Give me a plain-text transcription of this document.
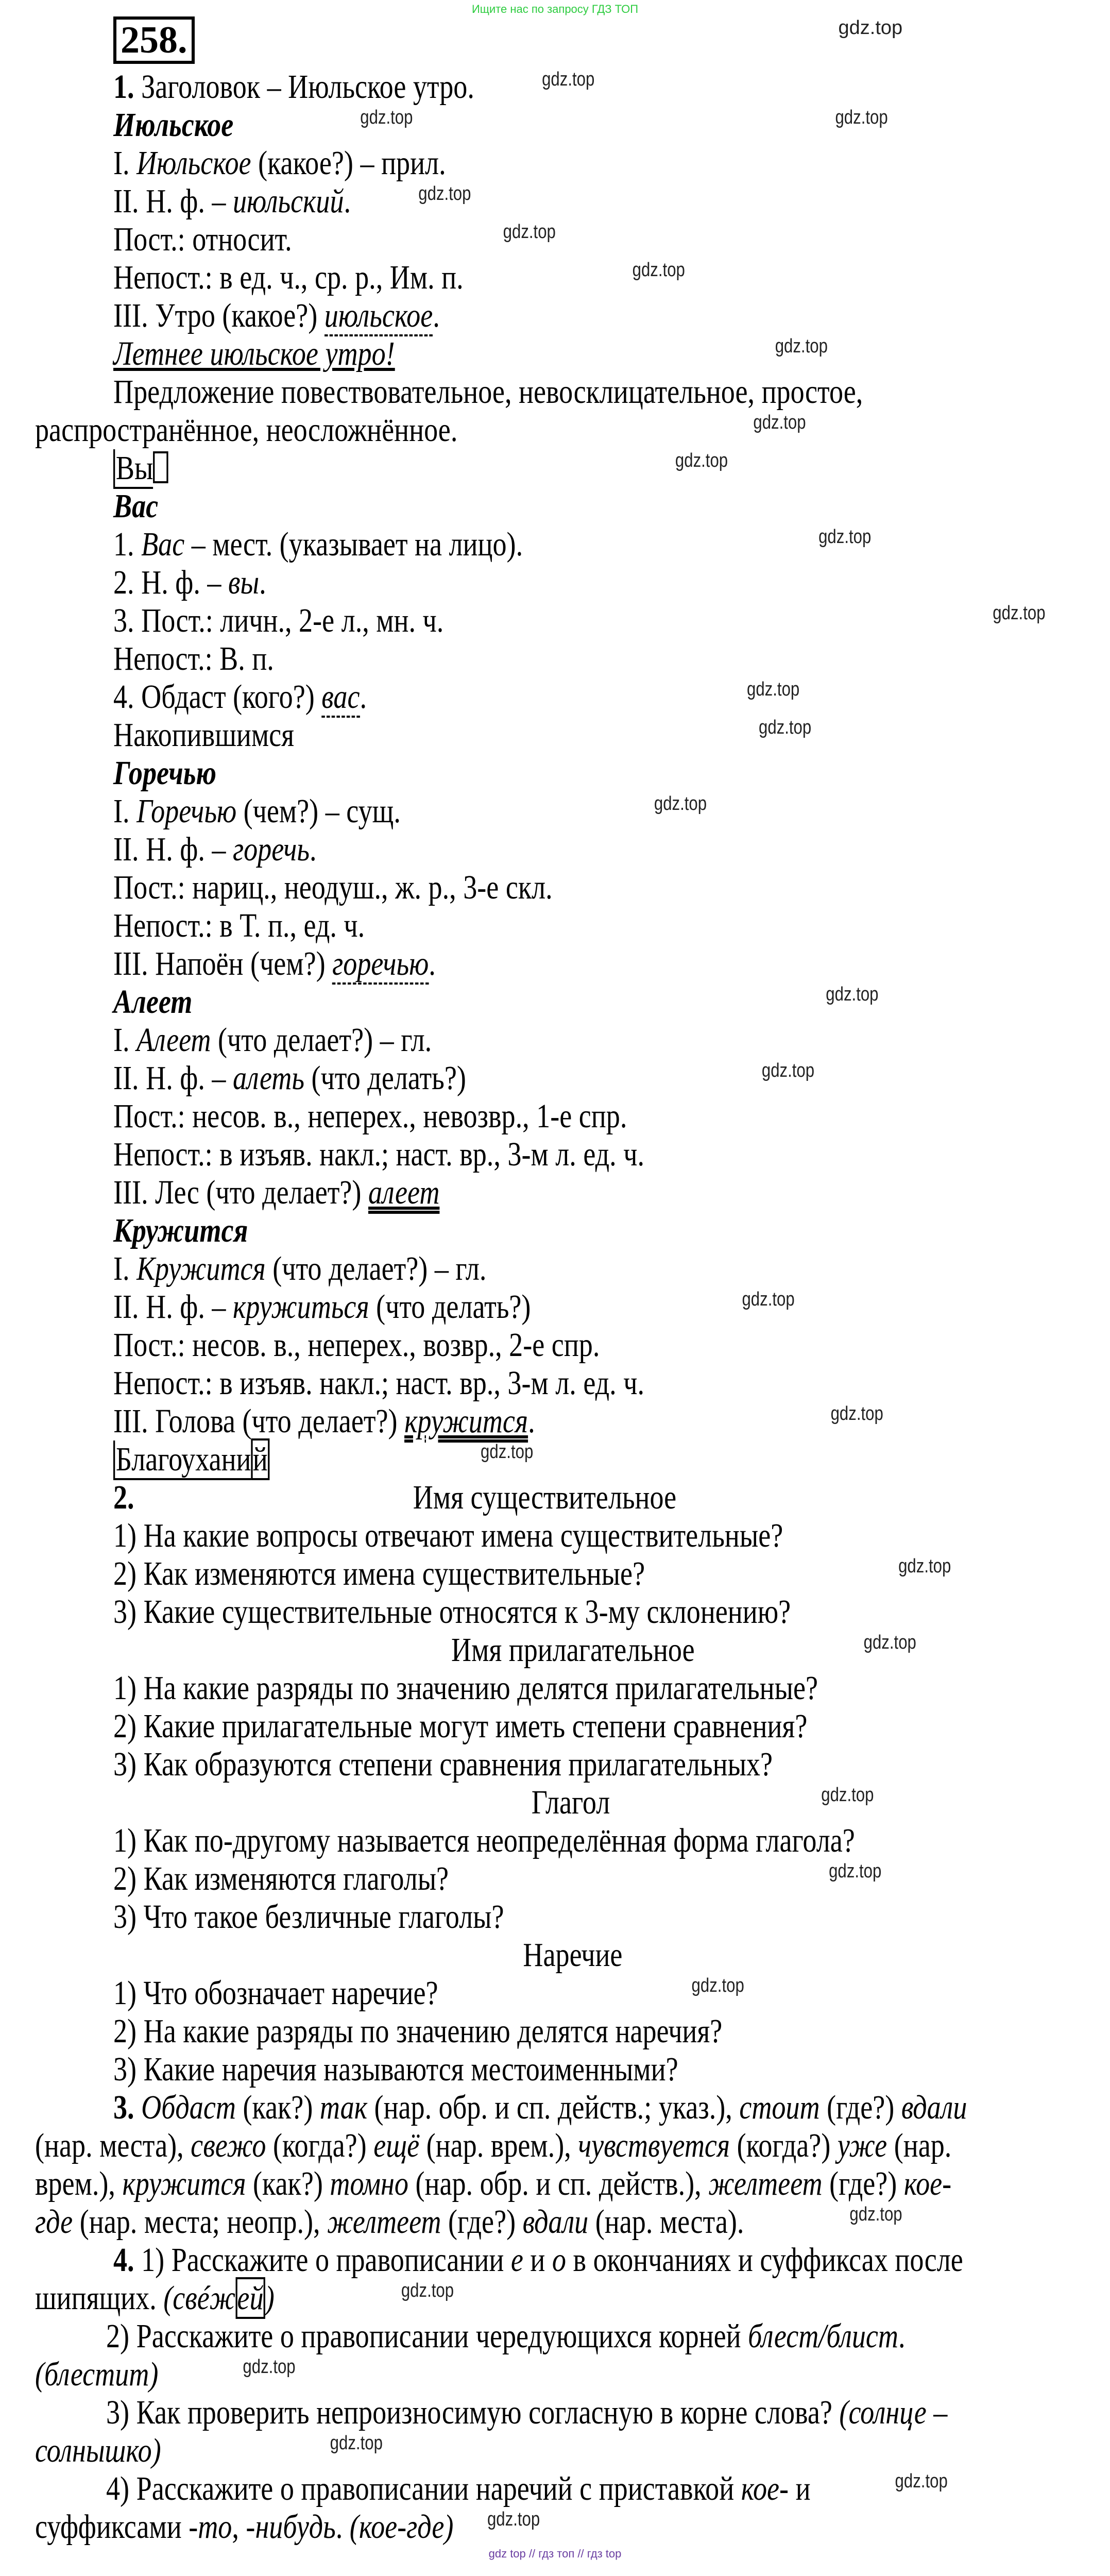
Ищите нас по запросу ГДЗ ТОП
258.	gdz.top
1. Заголовок – Июльское утро.	gdz.top
Июльское	gdz.top	gdz.top
I. Июльское (какое?) – прил.
II. Н. ф. – июльский.	gdz.top
Пост.: относит.	gdz.top
Непост.: в ед. ч., ср. р., Им. п.	gdz.top
III. Утро (какое?) июльское.
Летнее июльское утро!	gdz.top
Предложение повествовательное, невосклицательное, простое,
распространённое, неосложнённое.	gdz.top
Вы	gdz.top
Вас
1. Вас – мест. (указывает на лицо).	gdz.top
2. Н. ф. – вы.
3. Пост.: личн., 2-е л., мн. ч.	gdz.top
Непост.: В. п.
4. Обдаст (кого?) вас.	gdz.top
Накопившимся	gdz.top
Горечью
I. Горечью (чем?) – сущ.	gdz.top
II. Н. ф. – горечь.
Пост.: нариц., неодуш., ж. р., 3-е скл.
Непост.: в Т. п., ед. ч.
III. Напоён (чем?) горечью.
Алеет	gdz.top
I. Алеет (что делает?) – гл.
II. Н. ф. – алеть (что делать?)	gdz.top
Пост.: несов. в., неперех., невозвр., 1-е спр.
Непост.: в изъяв. накл.; наст. вр., 3-м л. ед. ч.
III. Лес (что делает?) алеет
Кружится
I. Кружится (что делает?) – гл.
II. Н. ф. – кружиться (что делать?)	gdz.top
Пост.: несов. в., неперех., возвр., 2-е спр.
Непост.: в изъяв. накл.; наст. вр., 3-м л. ед. ч.
III. Голова (что делает?) кружится.	gdz.top
Благоуханий	gdz.top
2.	Имя существительное
1) На какие вопросы отвечают имена существительные?
2) Как изменяются имена существительные?	gdz.top
3) Какие существительные относятся к 3-му склонению?
Имя прилагательное	gdz.top
1) На какие разряды по значению делятся прилагательные?
2) Какие прилагательные могут иметь степени сравнения?
3) Как образуются степени сравнения прилагательных?
Глагол	gdz.top
1) Как по-другому называется неопределённая форма глагола?
2) Как изменяются глаголы?	gdz.top
3) Что такое безличные глаголы?
Наречие
1) Что обозначает наречие?	gdz.top
2) На какие разряды по значению делятся наречия?
3) Какие наречия называются местоименными?
3. Обдаст (как?) так (нар. обр. и сп. действ.; указ.), стоит (где?) вдали
(нар. места), свежо (когда?) ещё (нар. врем.), чувствуется (когда?) уже (нар.
врем.), кружится (как?) томно (нар. обр. и сп. действ.), желтеет (где?) кое-
где (нар. места; неопр.), желтеет (где?) вдали (нар. места).	gdz.top
4. 1) Расскажите о правописании е и о в окончаниях и суффиксах после
шипящих. (свéжей)	gdz.top
2) Расскажите о правописании чередующихся корней блест/блист.
(блестит)	gdz.top
3) Как проверить непроизносимую согласную в корне слова? (солнце –
солнышко)	gdz.top
4) Расскажите о правописании наречий с приставкой кое- и	gdz.top
суффиксами -то, -нибудь. (кое-где) gdz.top
gdz top // гдз топ // гдз top
